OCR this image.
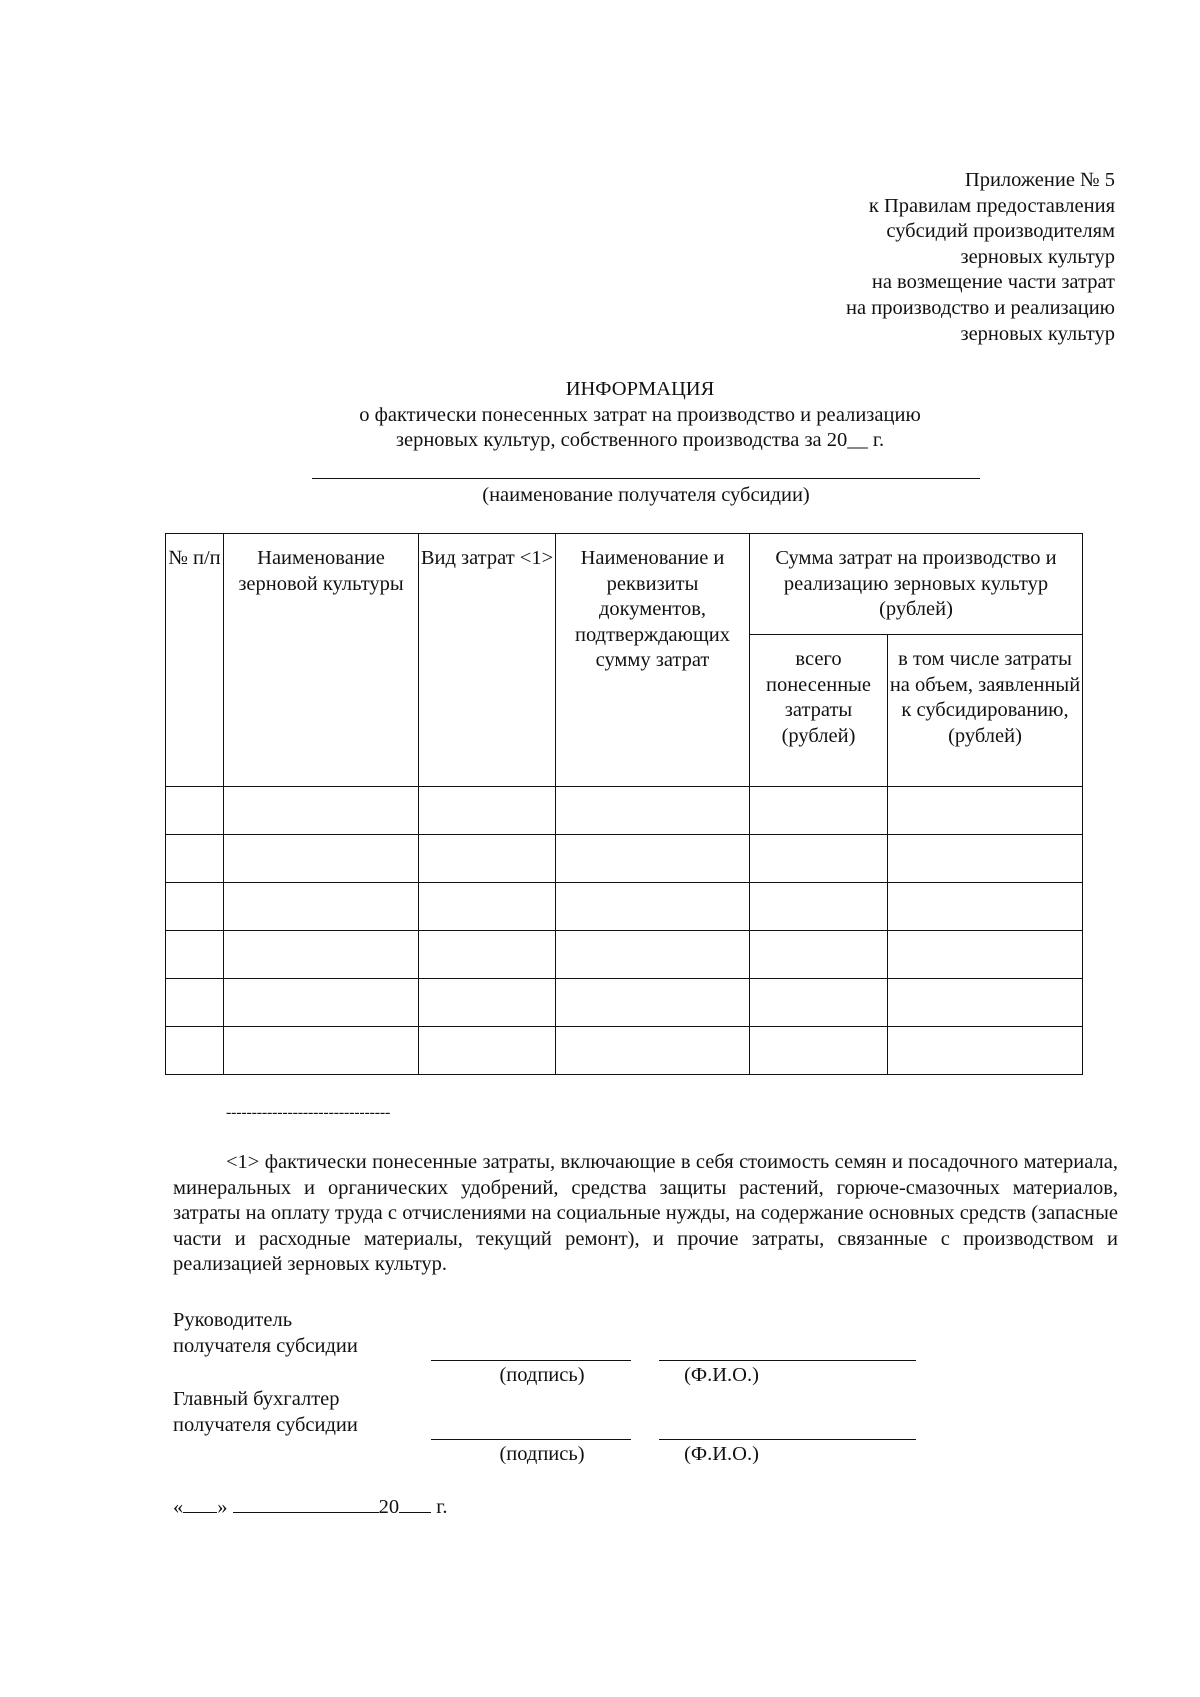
Приложение № 5
к Правилам предоставления
субсидий производителям
зерновых культур
на возмещение части затрат
на производство и реализацию
зерновых культур
ИНФОРМАЦИЯ
о фактически понесенных затрат на производство и реализацию
зерновых культур, собственного производства за 20__ г.
(наименование получателя субсидии)
№ п/п	Наименование зерновой культуры	Вид затрат <1>	Наименование и реквизиты документов, подтверждающих сумму затрат	Сумма затрат на производство и реализацию зерновых культур (рублей)	
				всего понесенные затраты (рублей)	в том числе затраты на объем, заявленный к субсидированию, (рублей)

--------------------------------
<1> фактически понесенные затраты, включающие в себя стоимость семян и посадочного материала, минеральных и органических удобрений, средства защиты растений, горюче-смазочных материалов, затраты на оплату труда с отчислениями на социальные нужды, на содержание основных средств (запасные части и расходные материалы, текущий ремонт), и прочие затраты, связанные с производством и реализацией зерновых культур.
Руководитель
получателя субсидии
(подпись)	(Ф.И.О.)
Главный бухгалтер
получателя субсидии
(подпись)	(Ф.И.О.)
« »	20 г.
